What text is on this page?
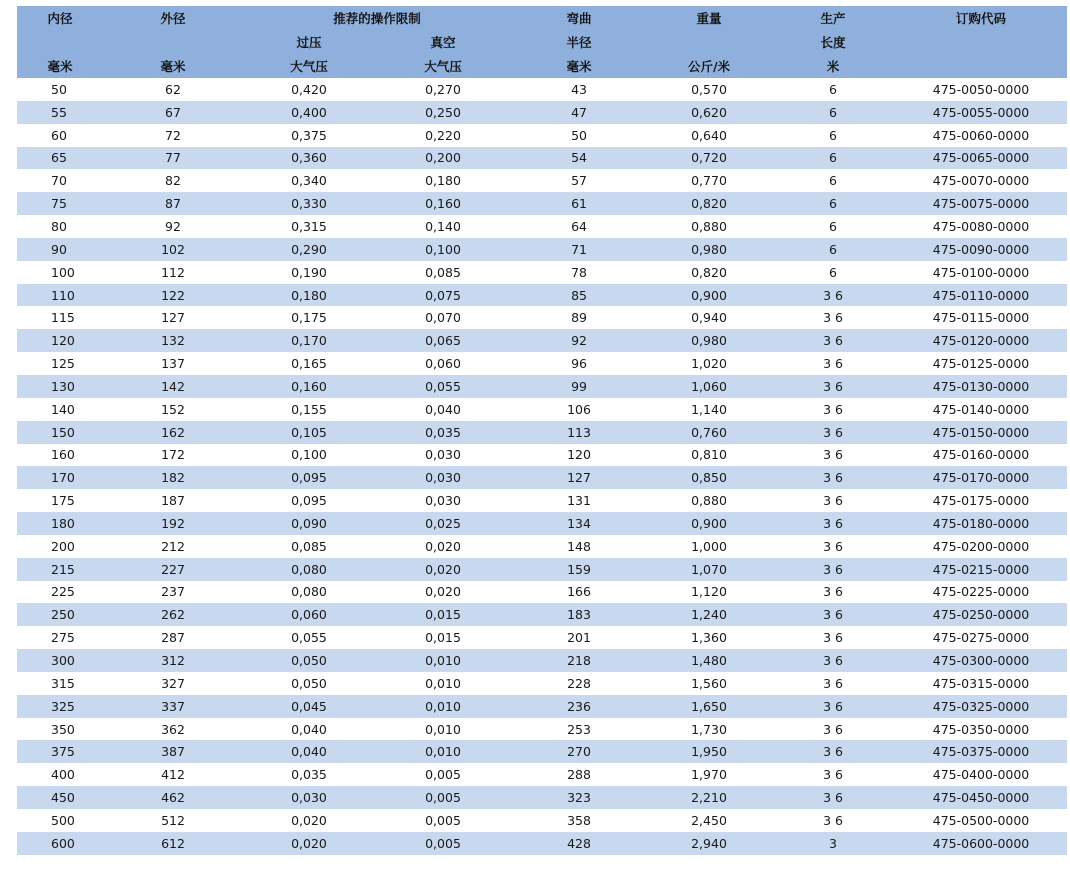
内径	外径	推荐的操作限制		弯曲	重量	生产	订购代码
		过压	真空	半径		长度	
毫米	毫米	大气压	大气压	毫米	公斤/米	米	
50	62	0,420	0,270	43	0,570	6	475-0050-0000
55	67	0,400	0,250	47	0,620	6	475-0055-0000
60	72	0,375	0,220	50	0,640	6	475-0060-0000
65	77	0,360	0,200	54	0,720	6	475-0065-0000
70	82	0,340	0,180	57	0,770	6	475-0070-0000
75	87	0,330	0,160	61	0,820	6	475-0075-0000
80	92	0,315	0,140	64	0,880	6	475-0080-0000
90	102	0,290	0,100	71	0,980	6	475-0090-0000
100	112	0,190	0,085	78	0,820	6	475-0100-0000
110	122	0,180	0,075	85	0,900	3 6	475-0110-0000
115	127	0,175	0,070	89	0,940	3 6	475-0115-0000
120	132	0,170	0,065	92	0,980	3 6	475-0120-0000
125	137	0,165	0,060	96	1,020	3 6	475-0125-0000
130	142	0,160	0,055	99	1,060	3 6	475-0130-0000
140	152	0,155	0,040	106	1,140	3 6	475-0140-0000
150	162	0,105	0,035	113	0,760	3 6	475-0150-0000
160	172	0,100	0,030	120	0,810	3 6	475-0160-0000
170	182	0,095	0,030	127	0,850	3 6	475-0170-0000
175	187	0,095	0,030	131	0,880	3 6	475-0175-0000
180	192	0,090	0,025	134	0,900	3 6	475-0180-0000
200	212	0,085	0,020	148	1,000	3 6	475-0200-0000
215	227	0,080	0,020	159	1,070	3 6	475-0215-0000
225	237	0,080	0,020	166	1,120	3 6	475-0225-0000
250	262	0,060	0,015	183	1,240	3 6	475-0250-0000
275	287	0,055	0,015	201	1,360	3 6	475-0275-0000
300	312	0,050	0,010	218	1,480	3 6	475-0300-0000
315	327	0,050	0,010	228	1,560	3 6	475-0315-0000
325	337	0,045	0,010	236	1,650	3 6	475-0325-0000
350	362	0,040	0,010	253	1,730	3 6	475-0350-0000
375	387	0,040	0,010	270	1,950	3 6	475-0375-0000
400	412	0,035	0,005	288	1,970	3 6	475-0400-0000
450	462	0,030	0,005	323	2,210	3 6	475-0450-0000
500	512	0,020	0,005	358	2,450	3 6	475-0500-0000
600	612	0,020	0,005	428	2,940	3	475-0600-0000
